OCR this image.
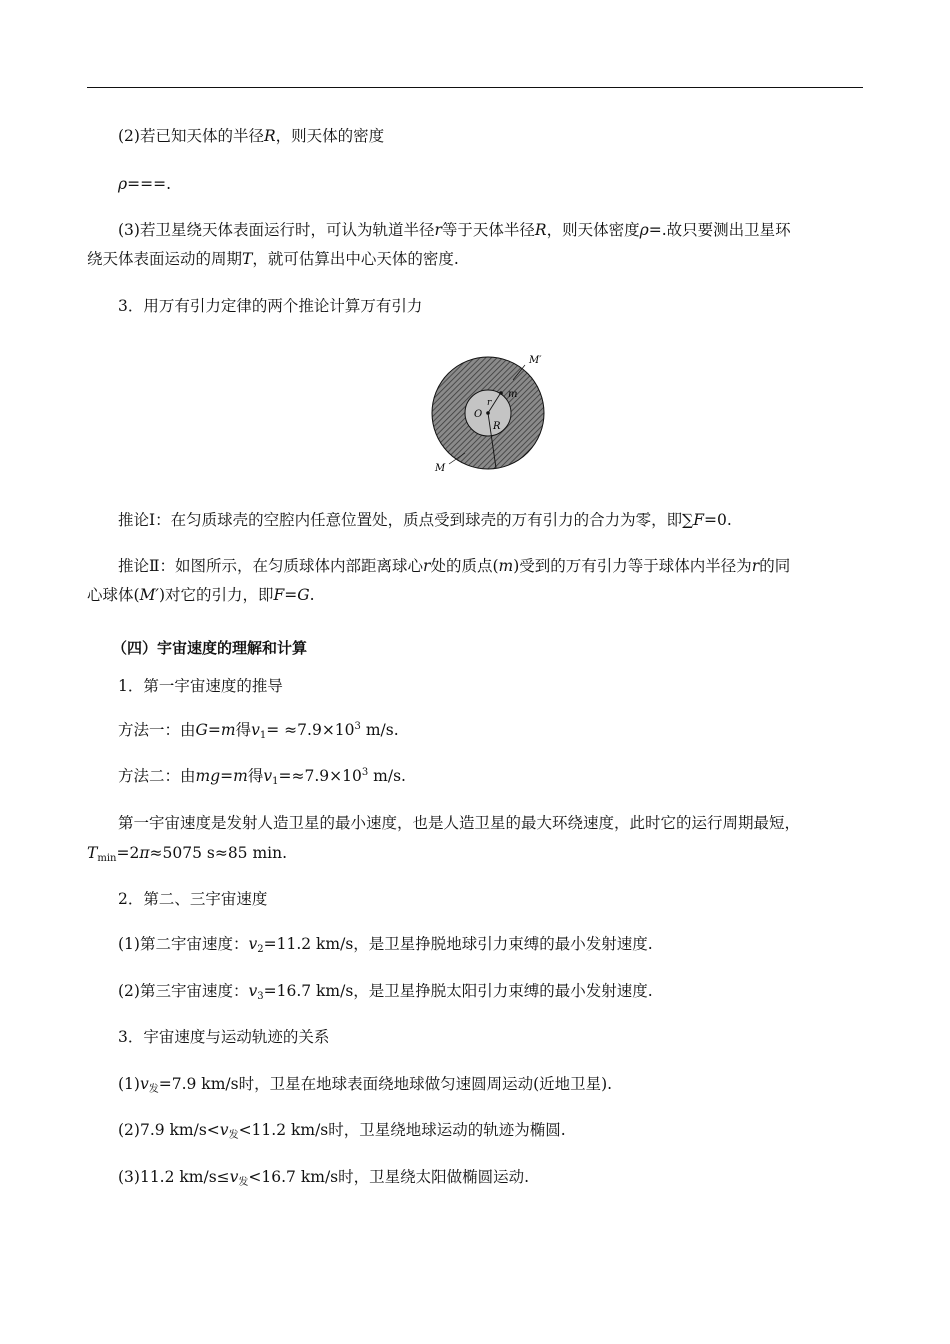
(2)若已知天体的半径R，则天体的密度
ρ===.
(3)若卫星绕天体表面运行时，可认为轨道半径r等于天体半径R，则天体密度ρ=.故只要测出卫星环
绕天体表面运动的周期T，就可估算出中心天体的密度.
3．用万有引力定律的两个推论计算万有引力
M′
m
O
r
R
M
推论Ⅰ：在匀质球壳的空腔内任意位置处，质点受到球壳的万有引力的合力为零，即∑F=0.
推论Ⅱ：如图所示，在匀质球体内部距离球心r处的质点(m)受到的万有引力等于球体内半径为r的同
心球体(M′)对它的引力，即F=G.
（四）宇宙速度的理解和计算
1．第一宇宙速度的推导
方法一：由G=m得$v_1= \approx 7.9\times 10^3$ m/s.
方法二：由mg=m得$v_1=\approx 7.9\times 10^3$ m/s.
第一宇宙速度是发射人造卫星的最小速度，也是人造卫星的最大环绕速度，此时它的运行周期最短，
$T_{min}=2\pi\approx 5075$ s≈85 min.
2．第二、三宇宙速度
(1)第二宇宙速度：$v_2=11.2$ km/s，是卫星挣脱地球引力束缚的最小发射速度.
(2)第三宇宙速度：$v_3=16.7$ km/s，是卫星挣脱太阳引力束缚的最小发射速度.
3．宇宙速度与运动轨迹的关系
$(1)v_发=7.9$ km/s时，卫星在地球表面绕地球做匀速圆周运动(近地卫星).
(2)7.9 $km/s<v_发<11.2$ km/s时，卫星绕地球运动的轨迹为椭圆.
(3)11.2 $km/s\le v_发<16.7$ km/s时，卫星绕太阳做椭圆运动.
